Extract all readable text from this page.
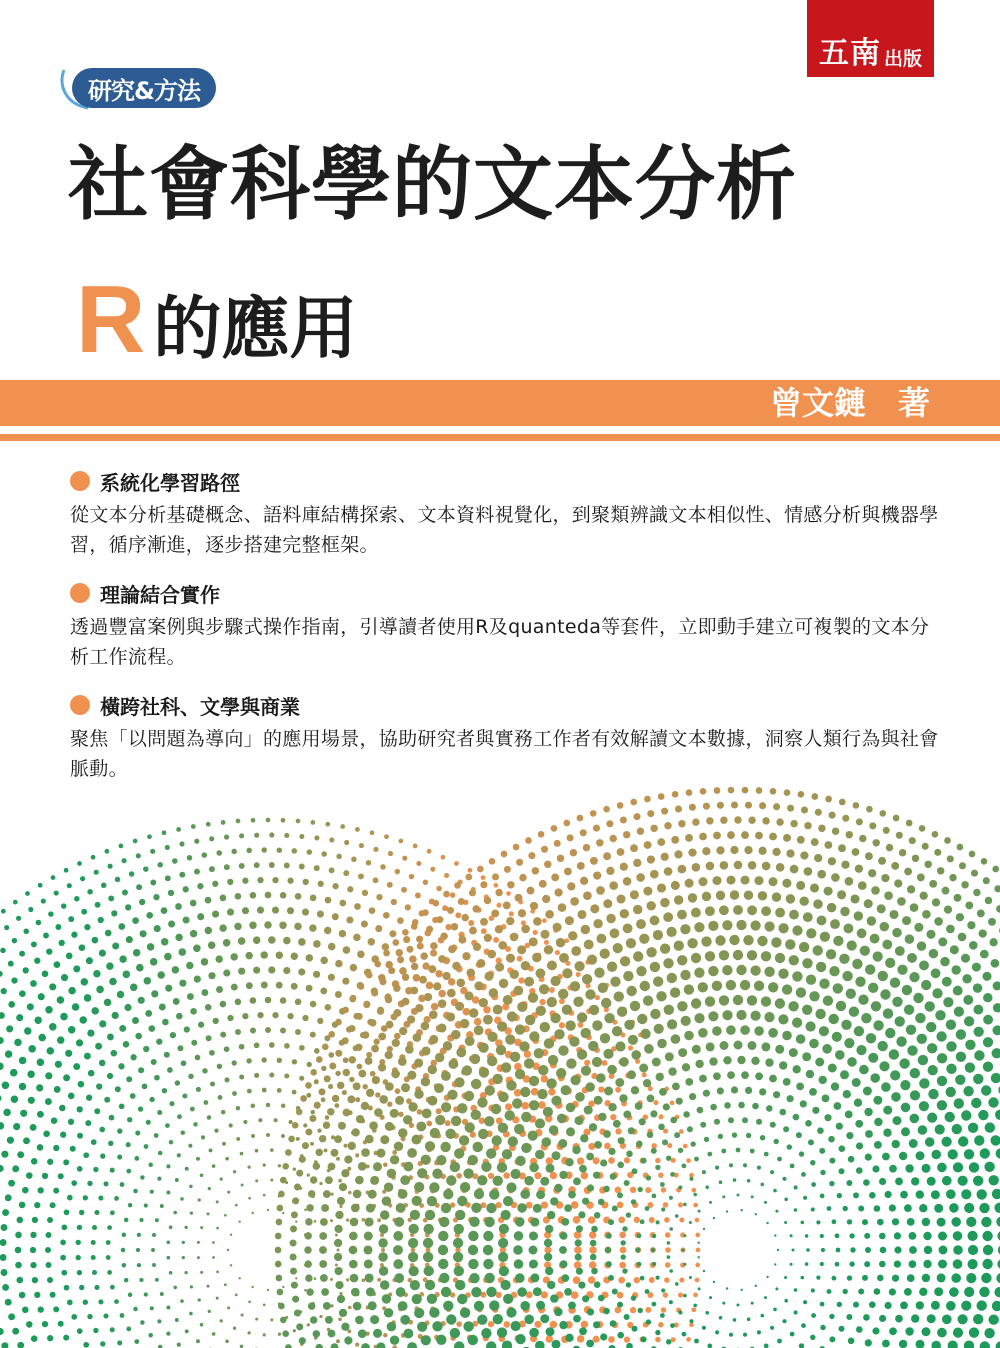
五南 出版
研究&方法
社會科學的文本分析
R 的應用
曾文鏈　著
系統化學習路徑
從文本分析基礎概念、語料庫結構探索、文本資料視覺化，到聚類辨識文本相似性、情感分析與機器學習，循序漸進，逐步搭建完整框架。
理論結合實作
透過豐富案例與步驟式操作指南，引導讀者使用R及quanteda等套件，立即動手建立可複製的文本分析工作流程。
橫跨社科、文學與商業
聚焦「以問題為導向」的應用場景，協助研究者與實務工作者有效解讀文本數據，洞察人類行為與社會脈動。
